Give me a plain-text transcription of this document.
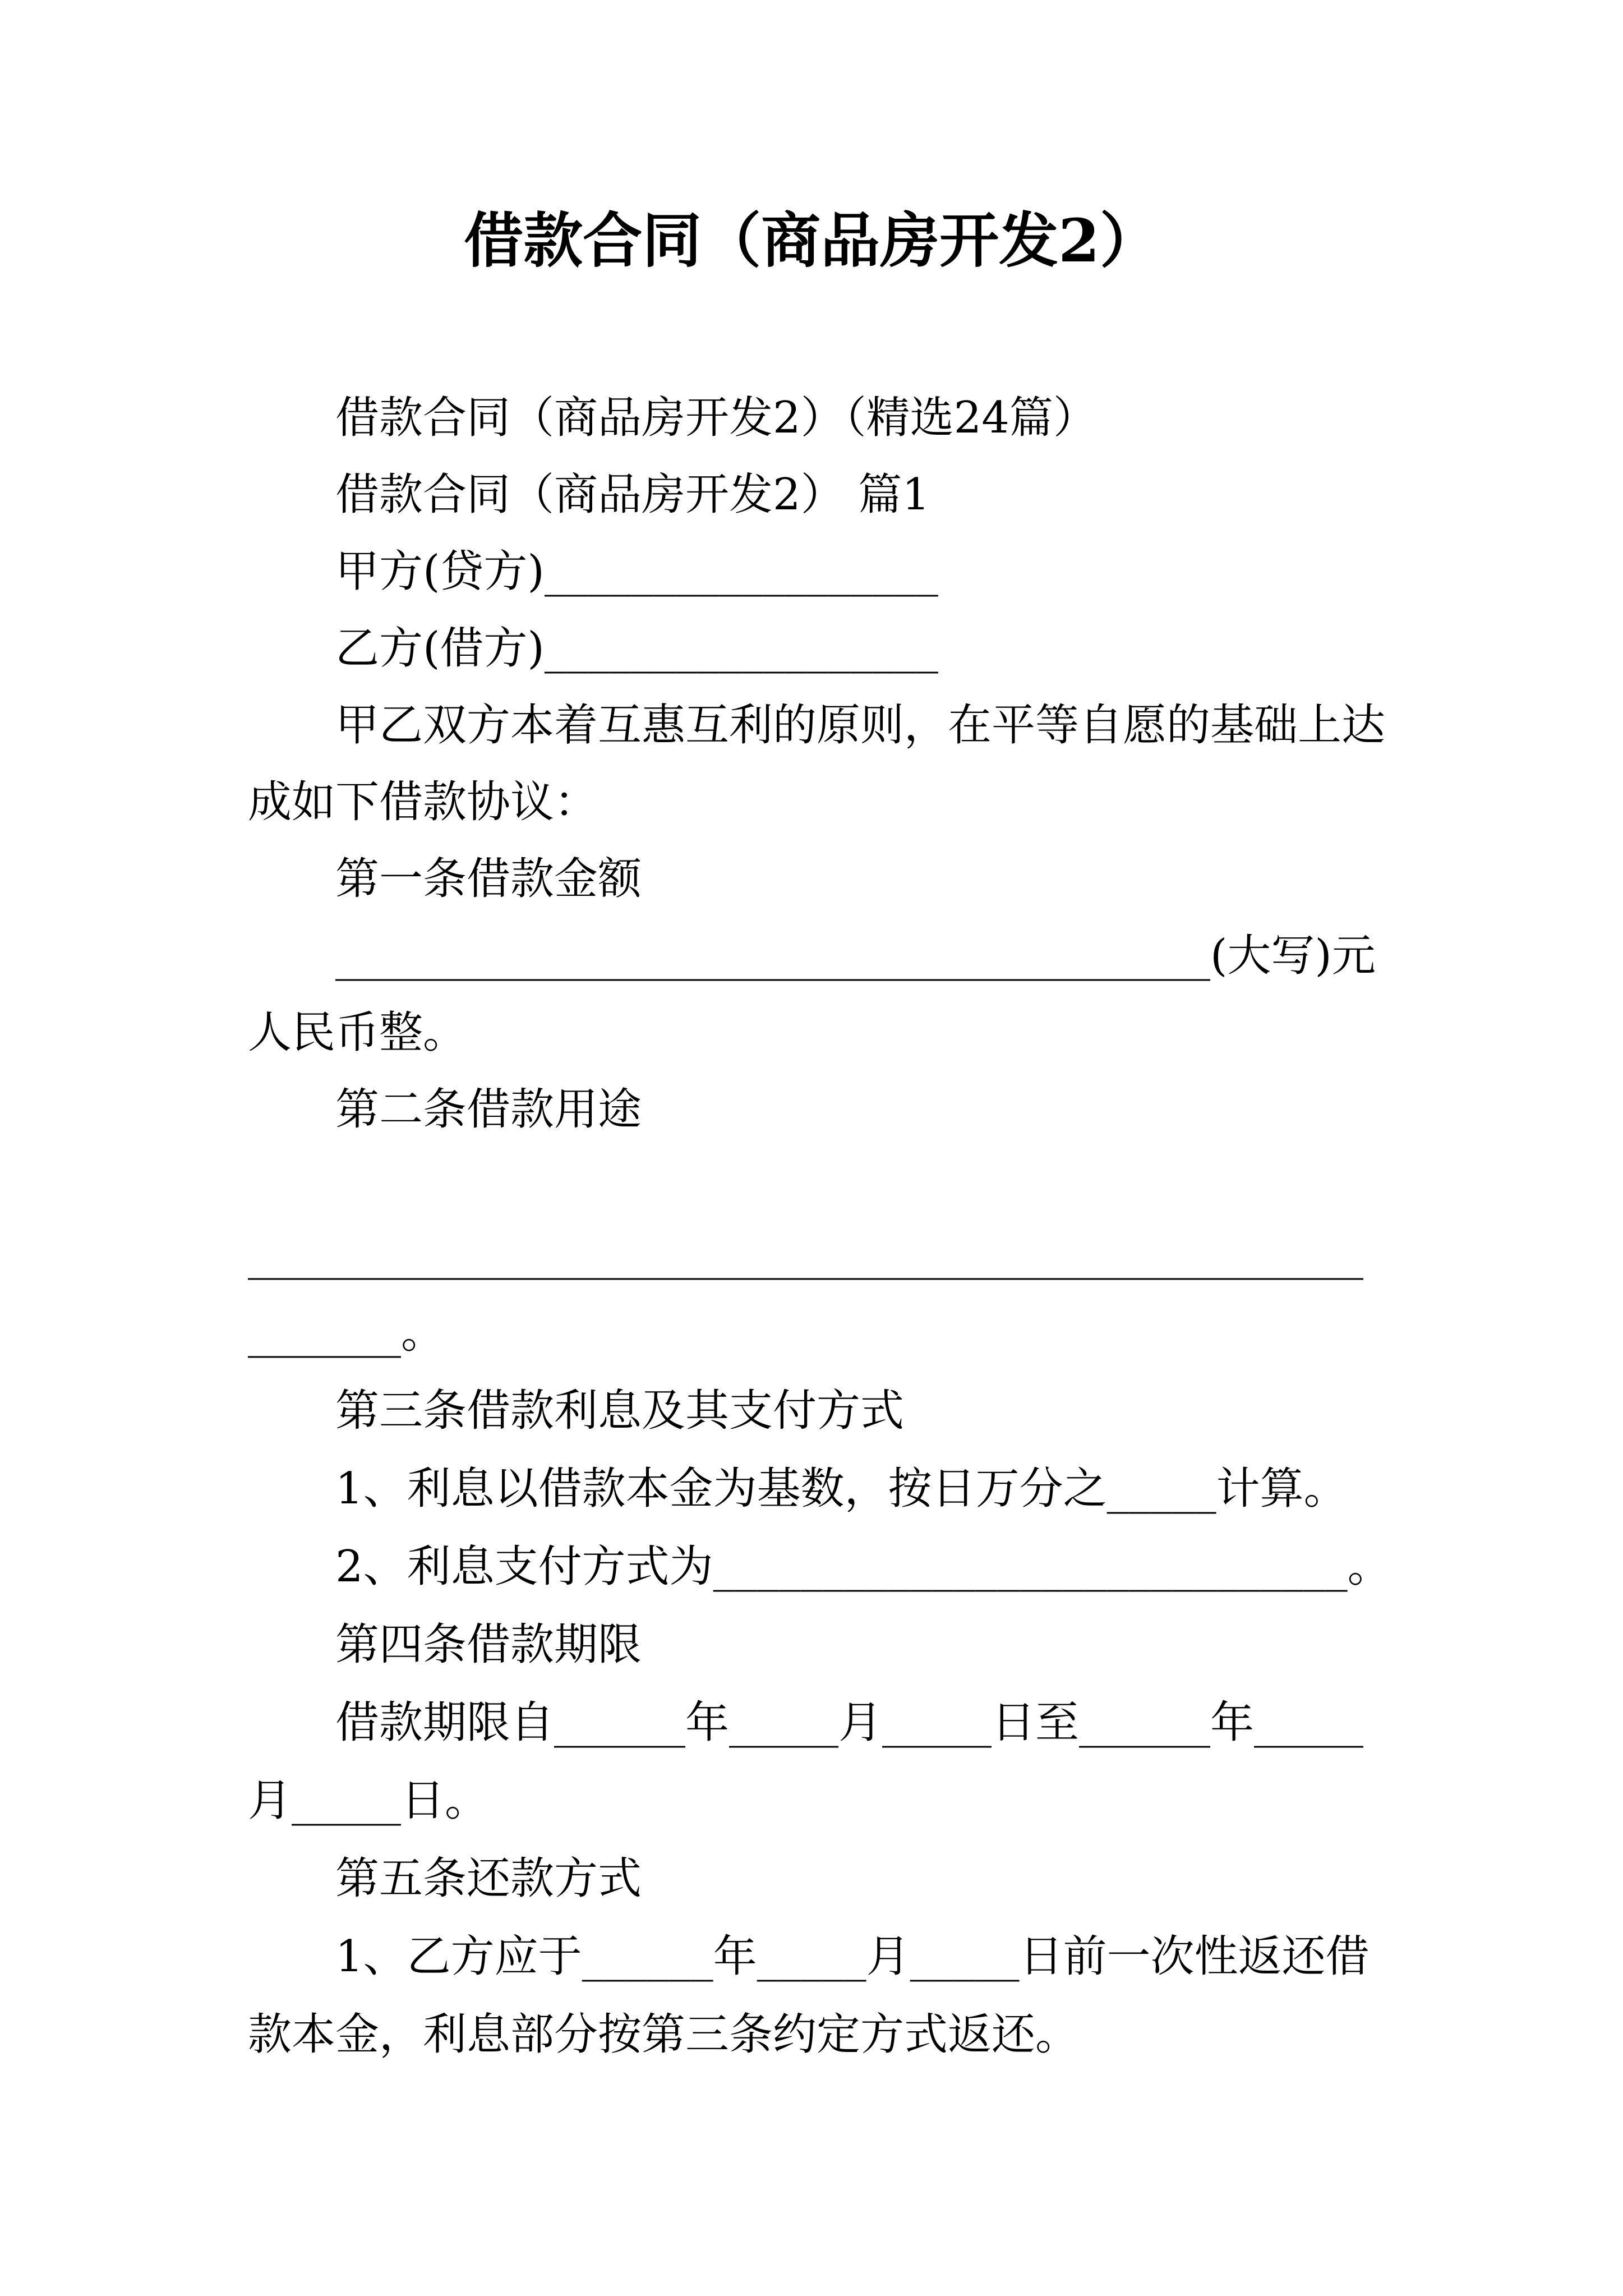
借款合同（商品房开发2）
借款合同（商品房开发2）（精选24篇）
借款合同（商品房开发2） 篇1
甲方(贷方)__________________
乙方(借方)__________________
甲乙双方本着互惠互利的原则，在平等自愿的基础上达
成如下借款协议：
第一条借款金额
________________________________________(大写)元
人民币整。
第二条借款用途
___________________________________________________
_______。
第三条借款利息及其支付方式
1、利息以借款本金为基数，按日万分之_____计算。
2、利息支付方式为_____________________________。
第四条借款期限
借款期限自______年_____月_____日至______年_____
月_____日。
第五条还款方式
1、乙方应于______年_____月_____日前一次性返还借
款本金，利息部分按第三条约定方式返还。
